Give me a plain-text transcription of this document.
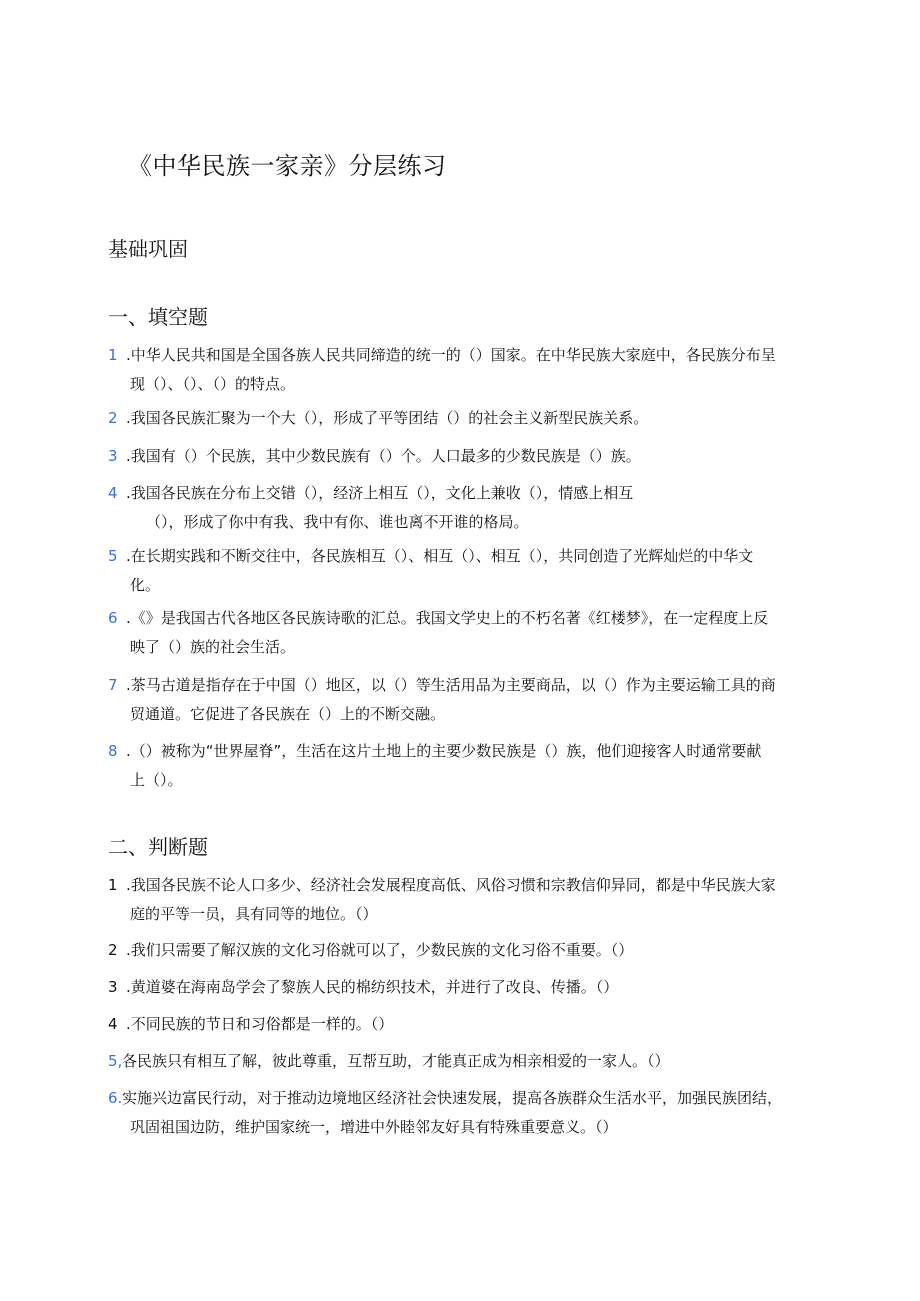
《中华民族一家亲》分层练习
基础巩固
一、填空题
1 .中华人民共和国是全国各族人民共同缔造的统一的（）国家。在中华民族大家庭中，各民族分布呈
现（）、（）、（）的特点。
2 .我国各民族汇聚为一个大（），形成了平等团结（）的社会主义新型民族关系。
3 .我国有（）个民族，其中少数民族有（）个。人口最多的少数民族是（）族。
4 .我国各民族在分布上交错（），经济上相互（），文化上兼收（），情感上相互
（），形成了你中有我、我中有你、谁也离不开谁的格局。
5 .在长期实践和不断交往中，各民族相互（）、相互（）、相互（），共同创造了光辉灿烂的中华文
化。
6 .《》是我国古代各地区各民族诗歌的汇总。我国文学史上的不朽名著《红楼梦》，在一定程度上反
映了（）族的社会生活。
7 .茶马古道是指存在于中国（）地区，以（）等生活用品为主要商品，以（）作为主要运输工具的商
贸通道。它促进了各民族在（）上的不断交融。
8 .（）被称为“世界屋脊”，生活在这片土地上的主要少数民族是（）族，他们迎接客人时通常要献
上（）。
二、判断题
1 .我国各民族不论人口多少、经济社会发展程度高低、风俗习惯和宗教信仰异同，都是中华民族大家
庭的平等一员，具有同等的地位。（）
2 .我们只需要了解汉族的文化习俗就可以了，少数民族的文化习俗不重要。（）
3 .黄道婆在海南岛学会了黎族人民的棉纺织技术，并进行了改良、传播。（）
4 .不同民族的节日和习俗都是一样的。（）
5,各民族只有相互了解，彼此尊重，互帮互助，才能真正成为相亲相爱的一家人。（）
6.实施兴边富民行动，对于推动边境地区经济社会快速发展，提高各族群众生活水平，加强民族团结，
巩固祖国边防，维护国家统一，增进中外睦邻友好具有特殊重要意义。（）
